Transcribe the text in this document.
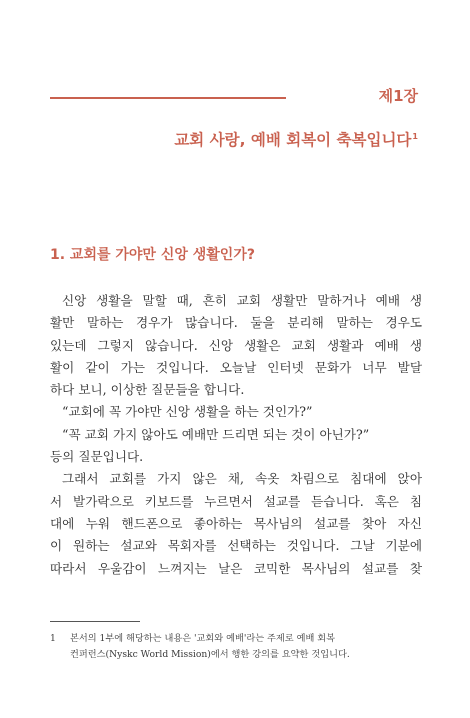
제1장
교회 사랑, 예배 회복이 축복입니다$^1$
1. 교회를 가야만 신앙 생활인가?
신앙 생활을 말할 때, 흔히 교회 생활만 말하거나 예배 생
활만 말하는 경우가 많습니다. 둘을 분리해 말하는 경우도
있는데 그렇지 않습니다. 신앙 생활은 교회 생활과 예배 생
활이 같이 가는 것입니다. 오늘날 인터넷 문화가 너무 발달
하다 보니, 이상한 질문들을 합니다.
“교회에 꼭 가야만 신앙 생활을 하는 것인가?”
“꼭 교회 가지 않아도 예배만 드리면 되는 것이 아닌가?”
등의 질문입니다.
그래서 교회를 가지 않은 채, 속옷 차림으로 침대에 앉아
서 발가락으로 키보드를 누르면서 설교를 듣습니다. 혹은 침
대에 누워 핸드폰으로 좋아하는 목사님의 설교를 찾아 자신
이 원하는 설교와 목회자를 선택하는 것입니다. 그날 기분에
따라서 우울감이 느껴지는 날은 코믹한 목사님의 설교를 찾
1 본서의 1부에 해당하는 내용은 '교회와 예배'라는 주제로 예배 회복
컨퍼런스(Nyskc World Mission)에서 행한 강의를 요약한 것입니다.
